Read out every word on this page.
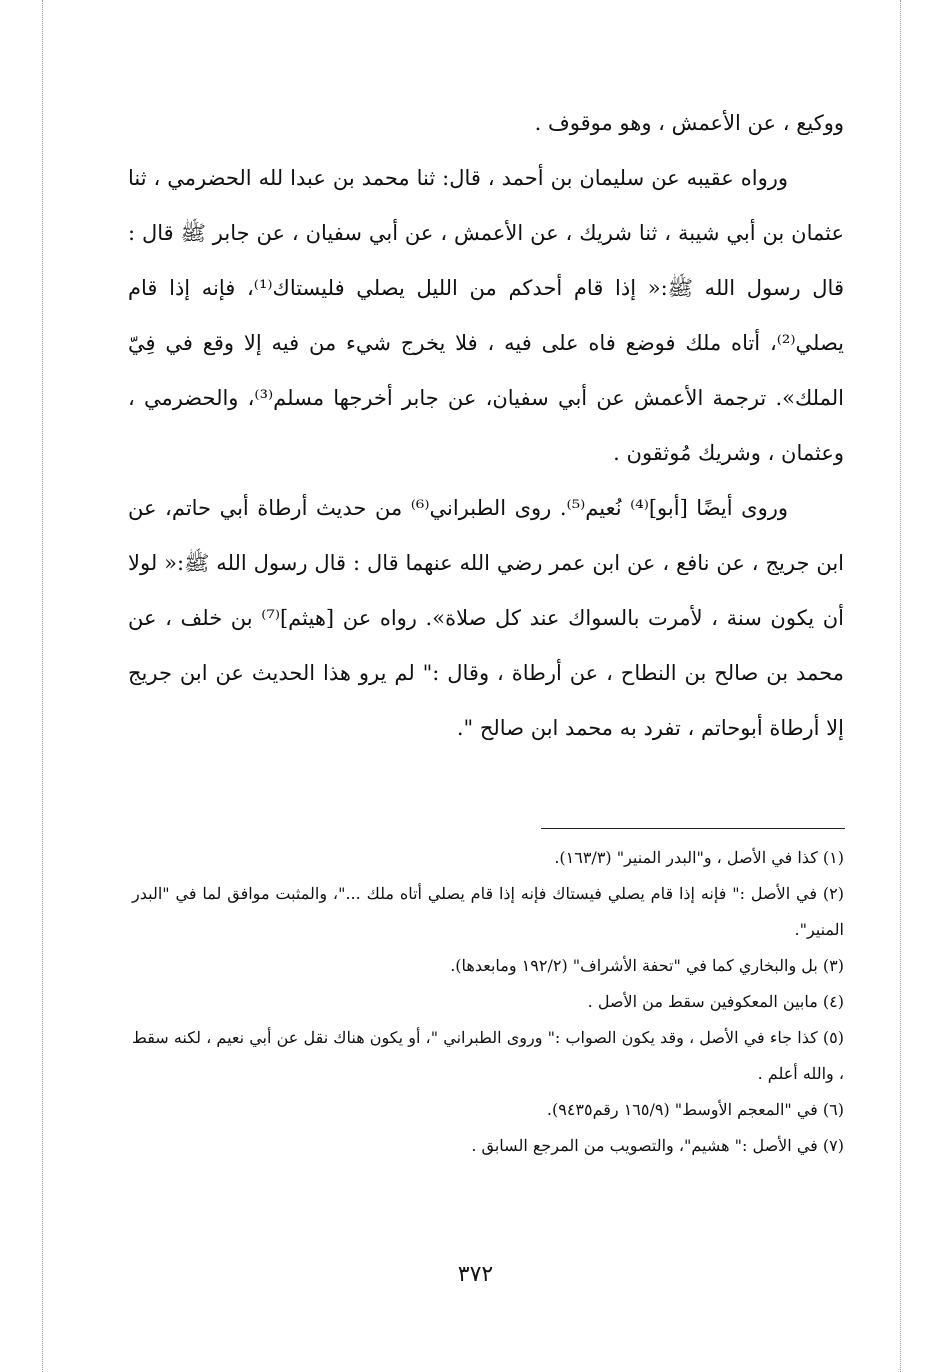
ووكيع ، عن الأعمش ، وهو موقوف .

ورواه عقيبه عن سليمان بن أحمد ، قال: ثنا محمد بن عبدا لله الحضرمي ، ثنا عثمان بن أبي شيبة ، ثنا شريك ، عن الأعمش ، عن أبي سفيان ، عن جابر ﷺ قال : قال رسول الله ﷺ:« إذا قام أحدكم من الليل يصلي فليستاك⁽¹⁾، فإنه إذا قام يصلي⁽²⁾، أتاه ملك فوضع فاه على فيه ، فلا يخرج شيء من فيه إلا وقع في فِيّ الملك». ترجمة الأعمش عن أبي سفيان، عن جابر أخرجها مسلم⁽³⁾، والحضرمي ، وعثمان ، وشريك مُوثقون .

وروى أيضًا [أبو]⁽⁴⁾ نُعيم⁽⁵⁾. روى الطبراني⁽⁶⁾ من حديث أرطاة أبي حاتم، عن ابن جريج ، عن نافع ، عن ابن عمر رضي الله عنهما قال : قال رسول الله ﷺ:« لولا أن يكون سنة ، لأمرت بالسواك عند كل صلاة». رواه عن [هيثم]⁽⁷⁾ بن خلف ، عن محمد بن صالح بن النطاح ، عن أرطاة ، وقال :" لم يرو هذا الحديث عن ابن جريج إلا أرطاة أبوحاتم ، تفرد به محمد ابن صالح ".

(١) كذا في الأصل ، و"البدر المنير" (١٦٣/٣).

(٢) في الأصل :" فإنه إذا قام يصلي فيستاك فإنه إذا قام يصلي أتاه ملك ..."، والمثبت موافق لما في "البدر المنير".

(٣) بل والبخاري كما في "تحفة الأشراف" (١٩٢/٢ ومابعدها).

(٤) مابين المعكوفين سقط من الأصل .

(٥) كذا جاء في الأصل ، وقد يكون الصواب :" وروى الطبراني "، أو يكون هناك نقل عن أبي نعيم ، لكنه سقط ، والله أعلم .

(٦) في "المعجم الأوسط" (١٦٥/٩ رقم٩٤٣٥).

(٧) في الأصل :" هشيم"، والتصويب من المرجع السابق .

٣٧٢
